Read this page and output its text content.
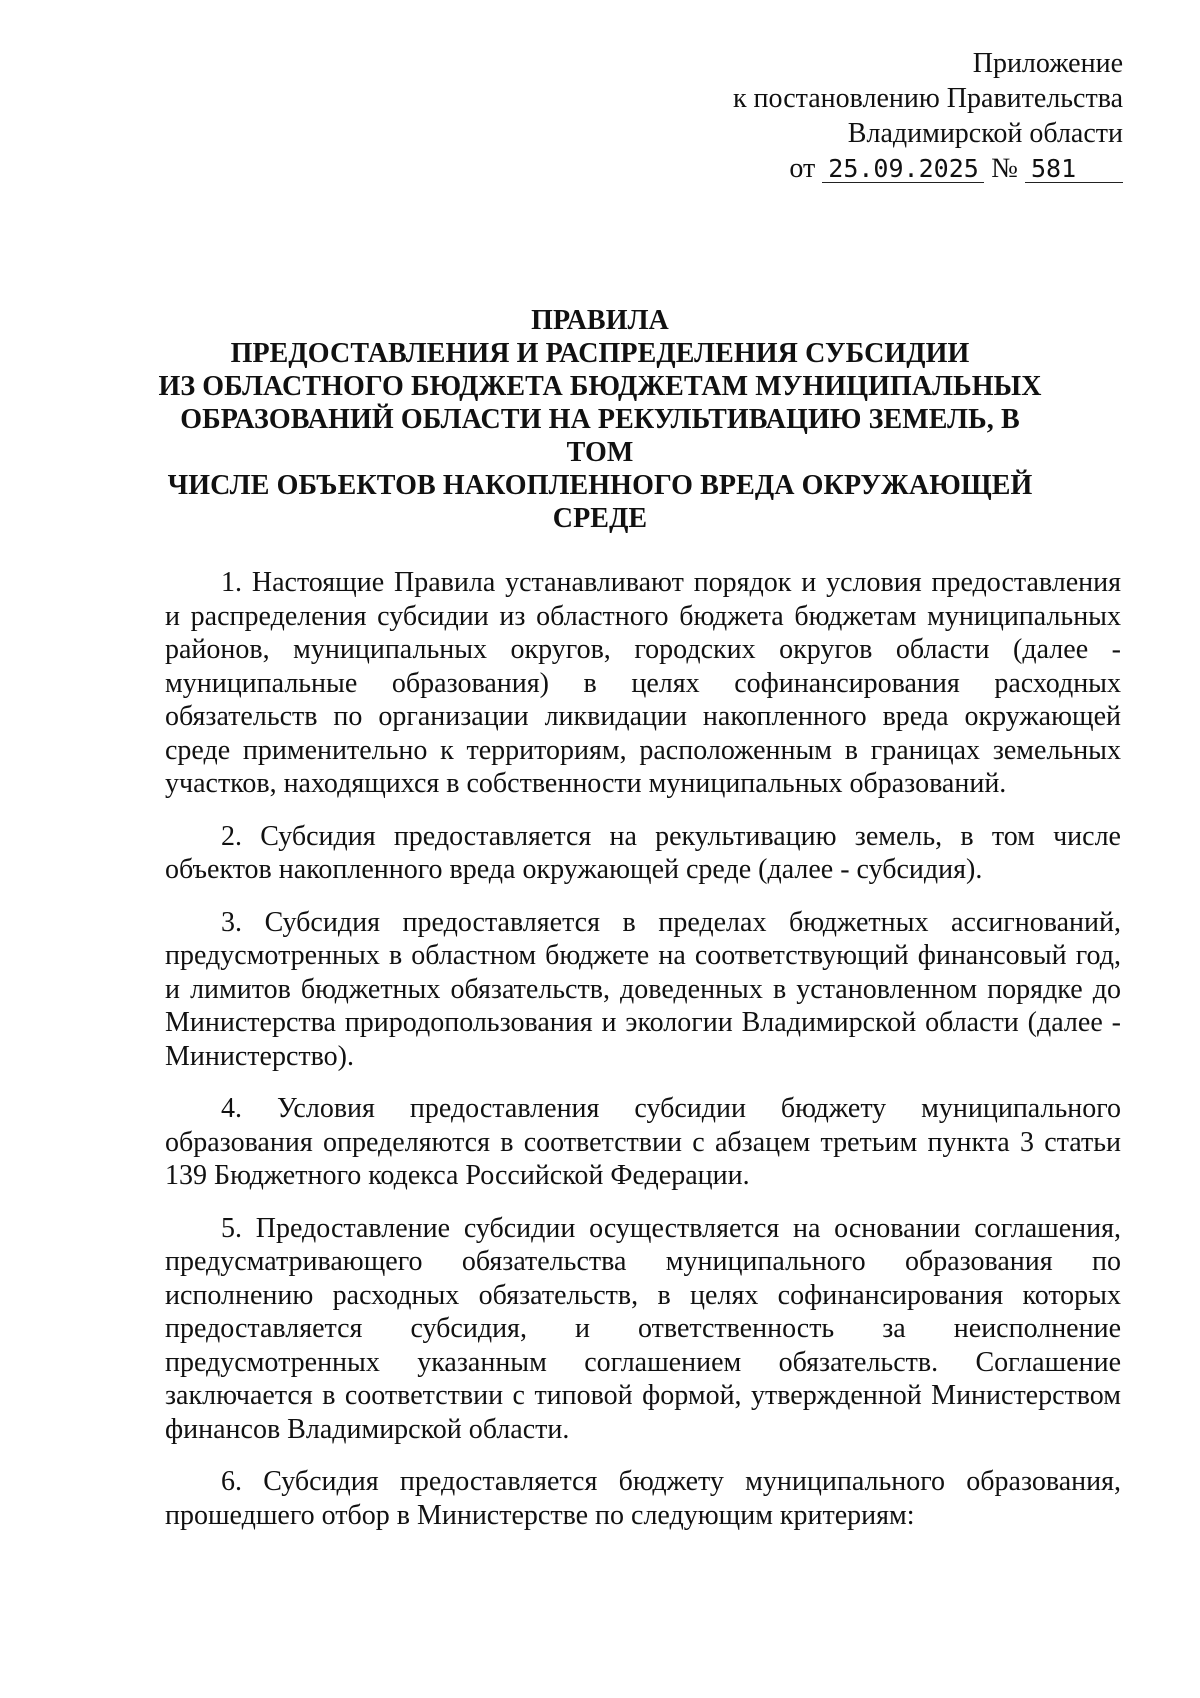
Приложение
к постановлению Правительства
Владимирской области
от 25.09.2025 № 581
ПРАВИЛА
ПРЕДОСТАВЛЕНИЯ И РАСПРЕДЕЛЕНИЯ СУБСИДИИ
ИЗ ОБЛАСТНОГО БЮДЖЕТА БЮДЖЕТАМ МУНИЦИПАЛЬНЫХ
ОБРАЗОВАНИЙ ОБЛАСТИ НА РЕКУЛЬТИВАЦИЮ ЗЕМЕЛЬ, В ТОМ
ЧИСЛЕ ОБЪЕКТОВ НАКОПЛЕННОГО ВРЕДА ОКРУЖАЮЩЕЙ
СРЕДЕ

1. Настоящие Правила устанавливают порядок и условия предоставления и распределения субсидии из областного бюджета бюджетам муниципальных районов, муниципальных округов, городских округов области (далее - муниципальные образования) в целях софинансирования расходных обязательств по организации ликвидации накопленного вреда окружающей среде применительно к территориям, расположенным в границах земельных участков, находящихся в собственности муниципальных образований.

2. Субсидия предоставляется на рекультивацию земель, в том числе объектов накопленного вреда окружающей среде (далее - субсидия).

3. Субсидия предоставляется в пределах бюджетных ассигнований, предусмотренных в областном бюджете на соответствующий финансовый год, и лимитов бюджетных обязательств, доведенных в установленном порядке до Министерства природопользования и экологии Владимирской области (далее - Министерство).

4. Условия предоставления субсидии бюджету муниципального образования определяются в соответствии с абзацем третьим пункта 3 статьи 139 Бюджетного кодекса Российской Федерации.

5. Предоставление субсидии осуществляется на основании соглашения, предусматривающего обязательства муниципального образования по исполнению расходных обязательств, в целях софинансирования которых предоставляется субсидия, и ответственность за неисполнение предусмотренных указанным соглашением обязательств. Соглашение заключается в соответствии с типовой формой, утвержденной Министерством финансов Владимирской области.

6. Субсидия предоставляется бюджету муниципального образования, прошедшего отбор в Министерстве по следующим критериям:
